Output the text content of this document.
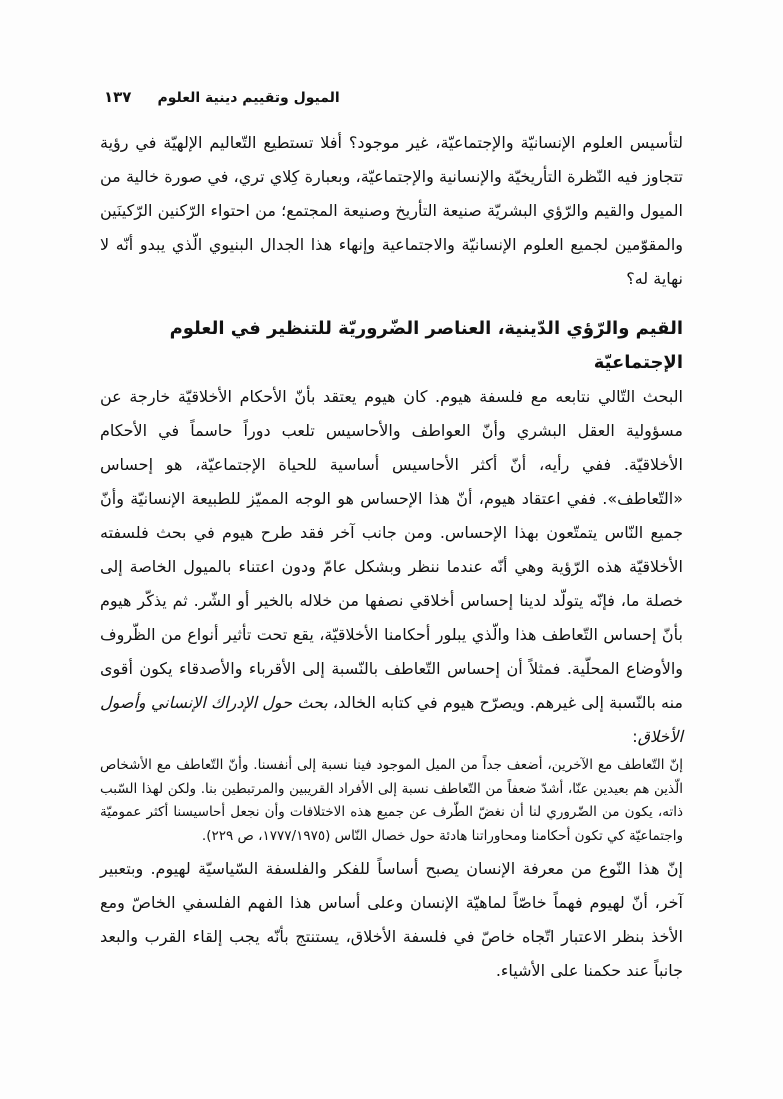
١٣٧ الميول وتقييم دينية العلوم

لتأسيس العلوم الإنسانيّة والإجتماعيّة، غير موجود؟ أفلا تستطيع التّعاليم الإلهيّة في رؤية تتجاوز فيه النّظرة التأريخيّة والإنسانية والإجتماعيّة، وبعبارة كِلاي تري، في صورة خالية من الميول والقيم والرّؤي البشريّة صنيعة التأريخ وصنيعة المجتمع؛ من احتواء الرّكنين الرّكينَين والمقوّمين لجميع العلوم الإنسانيّة والاجتماعية وإنهاء هذا الجدال البنيوي الّذي يبدو أنّه لا نهاية له؟

القيم والرّؤي الدّينية، العناصر الضّروريّة للتنظير في العلوم الإجتماعيّة

البحث التّالي نتابعه مع فلسفة هيوم. كان هيوم يعتقد بأنّ الأحكام الأخلاقيّة خارجة عن مسؤولية العقل البشري وأنّ العواطف والأحاسيس تلعب دوراً حاسماً في الأحكام الأخلاقيّة. ففي رأيه، أنّ أكثر الأحاسيس أساسية للحياة الإجتماعيّة، هو إحساس «التّعاطف». ففي اعتقاد هيوم، أنّ هذا الإحساس هو الوجه المميّز للطبيعة الإنسانيّة وأنّ جميع النّاس يتمتّعون بهذا الإحساس. ومن جانب آخر فقد طرح هيوم في بحث فلسفته الأخلاقيّة هذه الرّؤية وهي أنّه عندما ننظر وبشكل عامّ ودون اعتناء بالميول الخاصة إلى خصلة ما، فإنّه يتولّد لدينا إحساس أخلاقي نصفها من خلاله بالخير أو الشّر. ثم يذكّر هيوم بأنّ إحساس التّعاطف هذا والّذي يبلور أحكامنا الأخلاقيّة، يقع تحت تأثير أنواع من الظّروف والأوضاع المحلّية. فمثلاً أن إحساس التّعاطف بالنّسبة إلى الأقرباء والأصدقاء يكون أقوى منه بالنّسبة إلى غيرهم. ويصرّح هيوم في كتابه الخالد، بحث حول الإدراك الإنساني وأصول الأخلاق:

إنّ التّعاطف مع الآخرين، أضعف جداً من الميل الموجود فينا نسبة إلى أنفسنا. وأنّ التّعاطف مع الأشخاص الّذين هم بعيدين عنّا، أشدّ ضعفاً من التّعاطف نسبة إلى الأفراد القريبين والمرتبطين بنا. ولكن لهذا السّبب ذاته، يكون من الضّروري لنا أن نغضّ الطّرف عن جميع هذه الاختلافات وأن نجعل أحاسيسنا أكثر عموميّة واجتماعيّة كي تكون أحكامنا ومحاوراتنا هادئة حول خصال النّاس (١٧٧٧/١٩٧٥، ص ٢٢٩).

إنّ هذا النّوع من معرفة الإنسان يصبح أساساً للفكر والفلسفة السّياسيّة لهيوم. وبتعبير آخر، أنّ لهيوم فهماً خاصّاً لماهيّة الإنسان وعلى أساس هذا الفهم الفلسفي الخاصّ ومع الأخذ بنظر الاعتبار اتّجاه خاصّ في فلسفة الأخلاق، يستنتج بأنّه يجب إلقاء القرب والبعد جانباً عند حكمنا على الأشياء.
